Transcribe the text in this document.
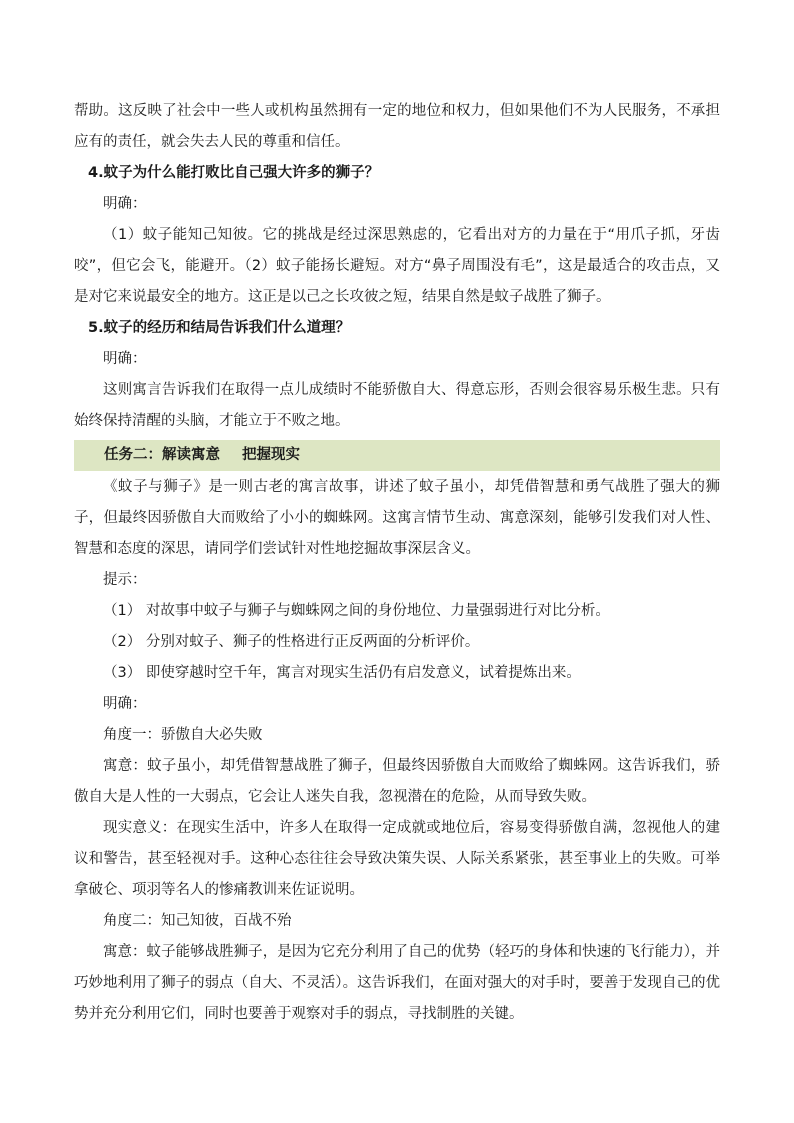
帮助。这反映了社会中一些人或机构虽然拥有一定的地位和权力，但如果他们不为人民服务，不承担应有的责任，就会失去人民的尊重和信任。

4.蚊子为什么能打败比自己强大许多的狮子？

明确：

（1）蚊子能知己知彼。它的挑战是经过深思熟虑的，它看出对方的力量在于“用爪子抓，牙齿咬”，但它会飞，能避开。（2）蚊子能扬长避短。对方“鼻子周围没有毛”，这是最适合的攻击点，又是对它来说最安全的地方。这正是以己之长攻彼之短，结果自然是蚊子战胜了狮子。

5.蚊子的经历和结局告诉我们什么道理？

明确：

这则寓言告诉我们在取得一点儿成绩时不能骄傲自大、得意忘形，否则会很容易乐极生悲。只有始终保持清醒的头脑，才能立于不败之地。

任务二：解读寓意 把握现实

《蚊子与狮子》是一则古老的寓言故事，讲述了蚊子虽小，却凭借智慧和勇气战胜了强大的狮子，但最终因骄傲自大而败给了小小的蜘蛛网。这寓言情节生动、寓意深刻，能够引发我们对人性、智慧和态度的深思，请同学们尝试针对性地挖掘故事深层含义。

提示：

（1） 对故事中蚊子与狮子与蜘蛛网之间的身份地位、力量强弱进行对比分析。

（2） 分别对蚊子、狮子的性格进行正反两面的分析评价。

（3） 即使穿越时空千年，寓言对现实生活仍有启发意义，试着提炼出来。

明确：

角度一：骄傲自大必失败

寓意：蚊子虽小，却凭借智慧战胜了狮子，但最终因骄傲自大而败给了蜘蛛网。这告诉我们，骄傲自大是人性的一大弱点，它会让人迷失自我，忽视潜在的危险，从而导致失败。

现实意义：在现实生活中，许多人在取得一定成就或地位后，容易变得骄傲自满，忽视他人的建议和警告，甚至轻视对手。这种心态往往会导致决策失误、人际关系紧张，甚至事业上的失败。可举拿破仑、项羽等名人的惨痛教训来佐证说明。

角度二：知己知彼，百战不殆

寓意：蚊子能够战胜狮子，是因为它充分利用了自己的优势（轻巧的身体和快速的飞行能力），并巧妙地利用了狮子的弱点（自大、不灵活）。这告诉我们，在面对强大的对手时，要善于发现自己的优势并充分利用它们，同时也要善于观察对手的弱点，寻找制胜的关键。
